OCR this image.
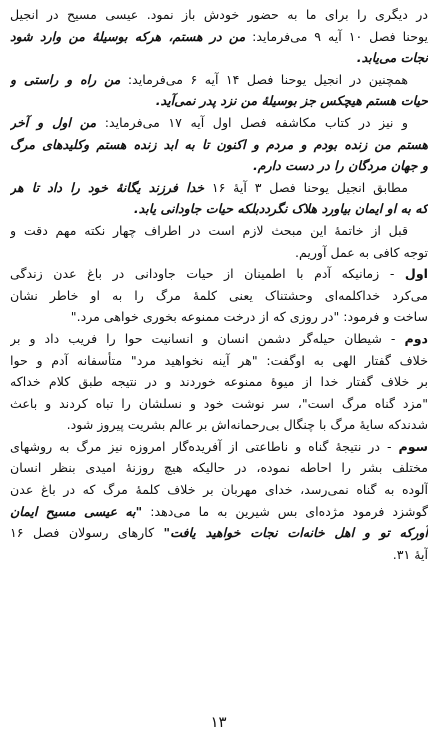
در دیگری را برای ما به حضور خودش باز نمود. عیسی مسیح در انجیل
یوحنا فصل ۱۰ آیه ۹ می‌فرماید: من در هستم، هرکه بوسیلهٔ من وارد شود
نجات می‌یابد.
همچنین در انجیل یوحنا فصل ۱۴ آیه ۶ می‌فرماید: من راه و راستی و
حیات هستم هیچکس جز بوسیلهٔ من نزد پدر نمی‌آید.
و نیز در کتاب مکاشفه فصل اول آیه ۱۷ می‌فرماید: من اول و آخر
هستم من زنده بودم و مردم و اکنون تا به ابد زنده هستم وکلیدهای مرگ
و جهان مردگان را در دست دارم.
مطابق انجیل یوحنا فصل ۳ آیهٔ ۱۶ خدا فرزند یگانهٔ خود را داد تا هر
که به او ایمان بیاورد هلاک نگرددبلکه حیات جاودانی یابد.
قبل از خاتمهٔ این مبحث لازم است در اطراف چهار نکته مهم دقت و
توجه کافی به عمل آوریم.
اول - زمانیکه آدم با اطمینان از حیات جاودانی در باغ عدن زندگی
می‌کرد خداکلمه‌ای وحشتناک یعنی کلمهٔ مرگ را به او خاطر نشان
ساخت و فرمود: "در روزی که از درخت ممنوعه بخوری خواهی مرد."
دوم - شیطان حیله‌گر دشمن انسان و انسانیت حوا را فریب داد و بر
خلاف گفتار الهی به اوگفت: "هر آینه نخواهید مرد" متأسفانه آدم و حوا
بر خلاف گفتار خدا از میوهٔ ممنوعه خوردند و در نتیجه طبق کلام خداکه
"مزد گناه مرگ است"، سر نوشت خود و نسلشان را تباه کردند و باعث
شدندکه سایهٔ مرگ با چنگال بی‌رحمانه‌اش بر عالم بشریت پیروز شود.
سوم - در نتیجهٔ گناه و ناطاعتی از آفریده‌گار امروزه نیز مرگ به روشهای
مختلف بشر را احاطه نموده، در حالیکه هیچ روزنهٔ امیدی بنظر انسان
آلوده به گناه نمی‌رسد، خدای مهربان بر خلاف کلمهٔ مرگ که در باغ عدن
گوشزد فرمود مژده‌ای بس شیرین به ما می‌دهد: "به عیسی مسیح ایمان
آورکه تو و اهل خانه‌ات نجات خواهید یافت" کارهای رسولان فصل ۱۶
آیهٔ ۳۱.
۱۳
